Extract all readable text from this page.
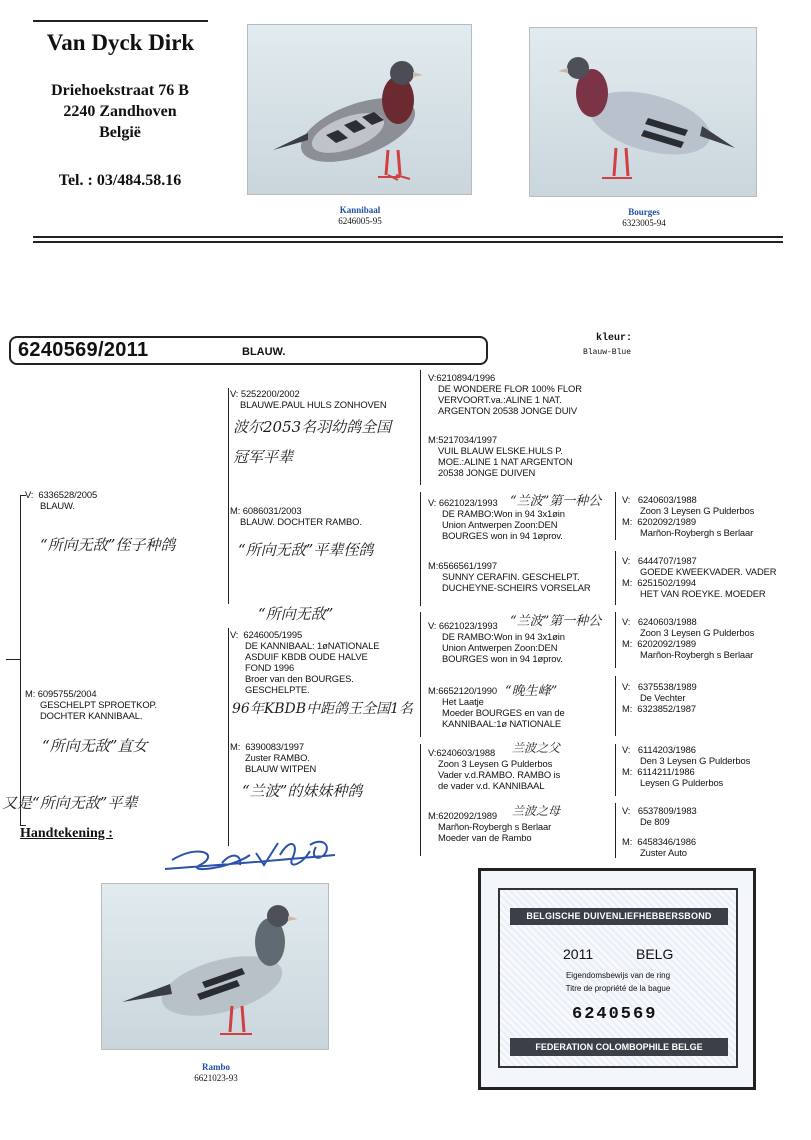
Van Dyck Dirk
Driehoekstraat 76 B
2240 Zandhoven
België
Tel. : 03/484.58.16
Kannibaal
6246005-95
Bourges
6323005-94
6240569/2011	BLAUW.
kleur:
Blauw-Blue
V: 6336528/2005
BLAUW.
“所向无敌”侄子种鸽
M: 6095755/2004
GESCHELPT SPROETKOP.
DOCHTER KANNIBAAL.
“所向无敌”直女
又是“所向无敌”平辈
V: 5252200/2002
BLAUWE.PAUL HULS ZONHOVEN
波尔2053名羽幼鸽全国
冠军平辈
M: 6086031/2003
BLAUW. DOCHTER RAMBO.
“所向无敌”平辈侄鸽
“所向无敌”
V: 6246005/1995
DE KANNIBAAL: 1øNATIONALE
ASDUIF KBDB OUDE HALVE
FOND 1996
Broer van den BOURGES.
GESCHELPTE.
96年KBDB中距鸽王全国1名
M: 6390083/1997
Zuster RAMBO.
BLAUW WITPEN
“兰波”的妹妹种鸽
V:6210894/1996
DE WONDERE FLOR 100% FLOR
VERVOORT.va.:ALINE 1 NAT.
ARGENTON 20538 JONGE DUIV
M:5217034/1997
VUIL BLAUW ELSKE.HULS P.
MOE.:ALINE 1 NAT ARGENTON
20538 JONGE DUIVEN
V: 6621023/1993
DE RAMBO:Won in 94 3x1øin
Union Antwerpen Zoon:DEN
BOURGES won in 94 1øprov.
“兰波”第一种公
M:6566561/1997
SUNNY CERAFIN. GESCHELPT.
DUCHEYNE-SCHEIRS VORSELAR
V: 6621023/1993
DE RAMBO:Won in 94 3x1øin
Union Antwerpen Zoon:DEN
BOURGES won in 94 1øprov.
“兰波”第一种公
M:6652120/1990
Het Laatje
Moeder BOURGES en van de
KANNIBAAL:1ø NATIONALE
“晚生峰”
V:6240603/1988
Zoon 3 Leysen G Pulderbos
Vader v.d.RAMBO. RAMBO is
de vader v.d. KANNIBAAL
兰波之父
M:6202092/1989
Marñon-Roybergh s Berlaar
Moeder van de Rambo
兰波之母
V: 6240603/1988
Zoon 3 Leysen G Pulderbos
M: 6202092/1989
Marñon-Roybergh s Berlaar
V: 6444707/1987
GOEDE KWEEKVADER. VADER
M: 6251502/1994
HET VAN ROEYKE. MOEDER
V: 6240603/1988
Zoon 3 Leysen G Pulderbos
M: 6202092/1989
Marñon-Roybergh s Berlaar
V: 6375538/1989
De Vechter
M: 6323852/1987
V: 6114203/1986
Den 3 Leysen G Pulderbos
M: 6114211/1986
Leysen G Pulderbos
V: 6537809/1983
De 809
M: 6458346/1986
Zuster Auto
Handtekening :
Rambo
6621023-93
BELGISCHE DUIVENLIEFHEBBERSBOND
2011	BELG
Eigendomsbewijs van de ring
Titre de propriété de la bague
6240569
FEDERATION COLOMBOPHILE BELGE
